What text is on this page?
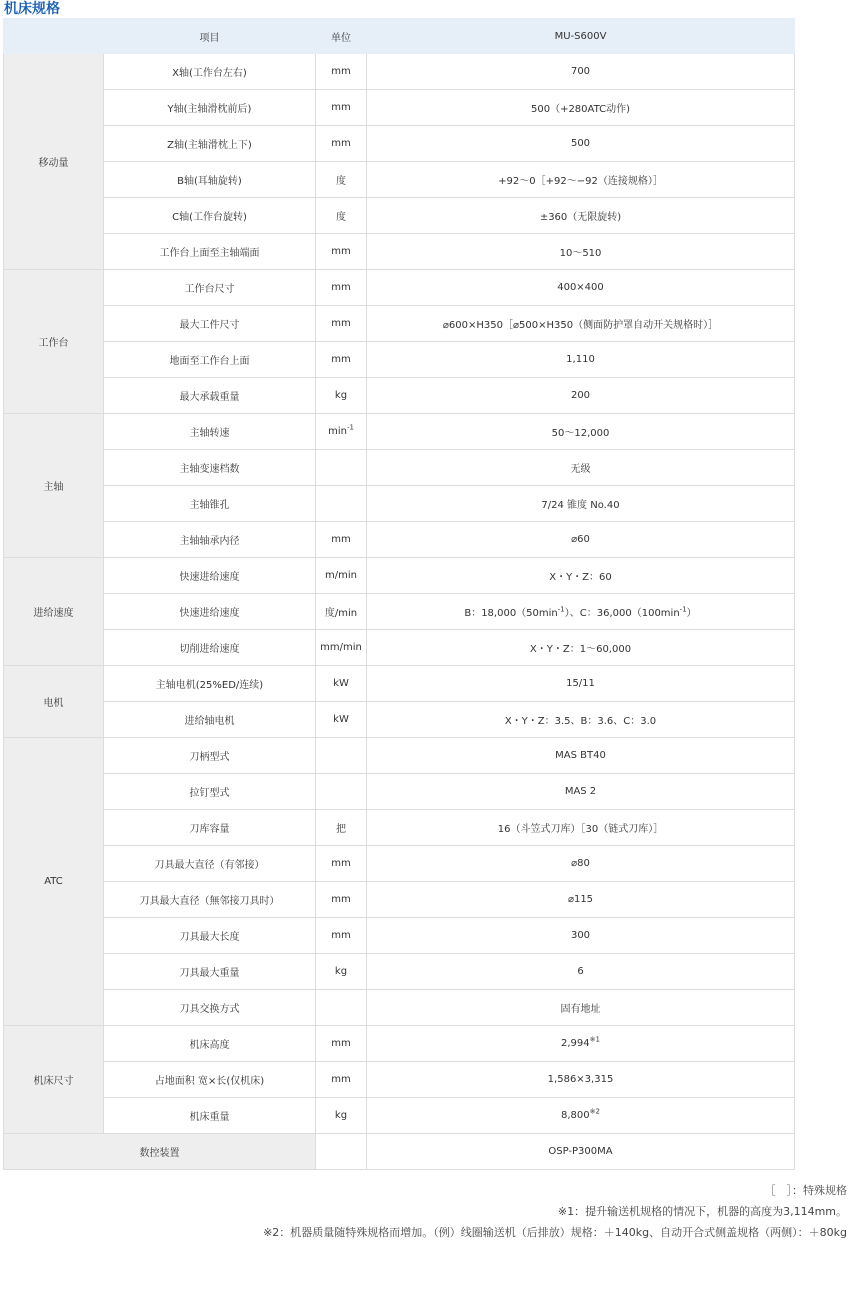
机床规格
	项目	单位	MU-S600V
移动量	X轴(工作台左右)	mm	700
	Y轴(主轴滑枕前后)	mm	500（+280ATC动作)
	Z轴(主轴滑枕上下)	mm	500
	B轴(耳轴旋转)	度	+92～0［+92～−92（连接规格）］
	C轴(工作台旋转)	度	±360（无限旋转)
	工作台上面至主轴端面	mm	10～510
工作台	工作台尺寸	mm	400×400
	最大工件尺寸	mm	⌀600×H350［⌀500×H350（侧面防护罩自动开关规格时）］
	地面至工作台上面	mm	1,110
	最大承载重量	kg	200
主轴	主轴转速	$\min^{-1}$	50～12,000
	主轴变速档数		无级
	主轴锥孔		7/24 锥度 No.40
	主轴轴承内径	mm	⌀60
进给速度	快速进给速度	m/min	X・Y・Z：60
	快速进给速度	度/min	B：$18,000(50\min^{-1})$、C：$36,000(100\min^{-1})$
	切削进给速度	mm/min	X・Y・Z：1～60,000
电机	主轴电机(25%ED/连续)	kW	15/11
	进给轴电机	kW	X・Y・Z：3.5、B：3.6、C：3.0
ATC	刀柄型式		MAS BT40
	拉钉型式		MAS 2
	刀库容量	把	16（斗笠式刀库）［30（链式刀库）］
	刀具最大直径（有邻接）	mm	⌀80
	刀具最大直径（無邻接刀具时）	mm	⌀115
	刀具最大长度	mm	300
	刀具最大重量	kg	6
	刀具交换方式		固有地址
机床尺寸	机床高度	mm	2,994$^{※1}$
	占地面积 宽×长(仅机床)	mm	1,586×3,315
	机床重量	kg	8,800$^{※2}$
数控装置			OSP-P300MA
［　］：特殊规格
※1：提升输送机规格的情况下，机器的高度为3,114mm。
※2：机器质量随特殊规格而增加。（例）线圈输送机（后排放）规格：＋140kg、自动开合式侧盖规格（两侧）：＋80kg
